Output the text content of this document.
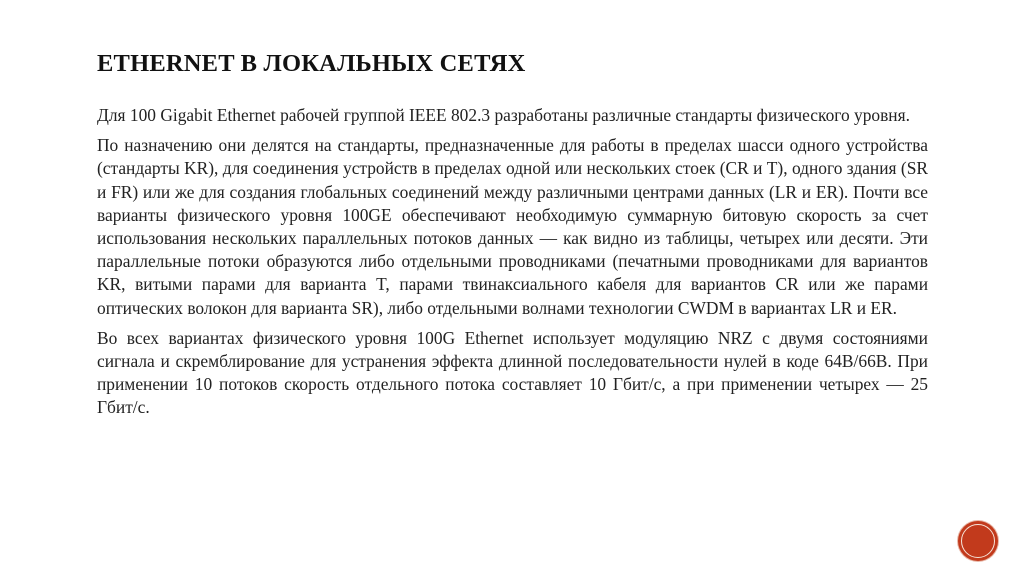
ETHERNET В ЛОКАЛЬНЫХ СЕТЯХ

Для 100 Gigabit Ethernet рабочей группой IEEE 802.3 разработаны различные стандарты физического уровня.

По назначению они делятся на стандарты, предназначенные для работы в пределах шасси одного устройства (стандарты KR), для соединения устройств в пределах одной или нескольких стоек (CR и T), одного здания (SR и FR) или же для создания глобальных соединений между различными центрами данных (LR и ER). Почти все варианты физического уровня 100GE обеспечивают необходимую суммарную битовую скорость за счет использования нескольких параллельных потоков данных — как видно из таблицы, четырех или десяти. Эти параллельные потоки образуются либо отдельными проводниками (печатными проводниками для вариантов KR, витыми парами для варианта T, парами твинаксиального кабеля для вариантов CR или же парами оптических волокон для варианта SR), либо отдельными волнами технологии CWDM в вариантах LR и ER.

Во всех вариантах физического уровня 100G Ethernet использует модуляцию NRZ с двумя состояниями сигнала и скремблирование для устранения эффекта длинной последовательности нулей в коде 64B/66B. При применении 10 потоков скорость отдельного потока составляет 10 Гбит/с, а при применении четырех — 25 Гбит/с.
